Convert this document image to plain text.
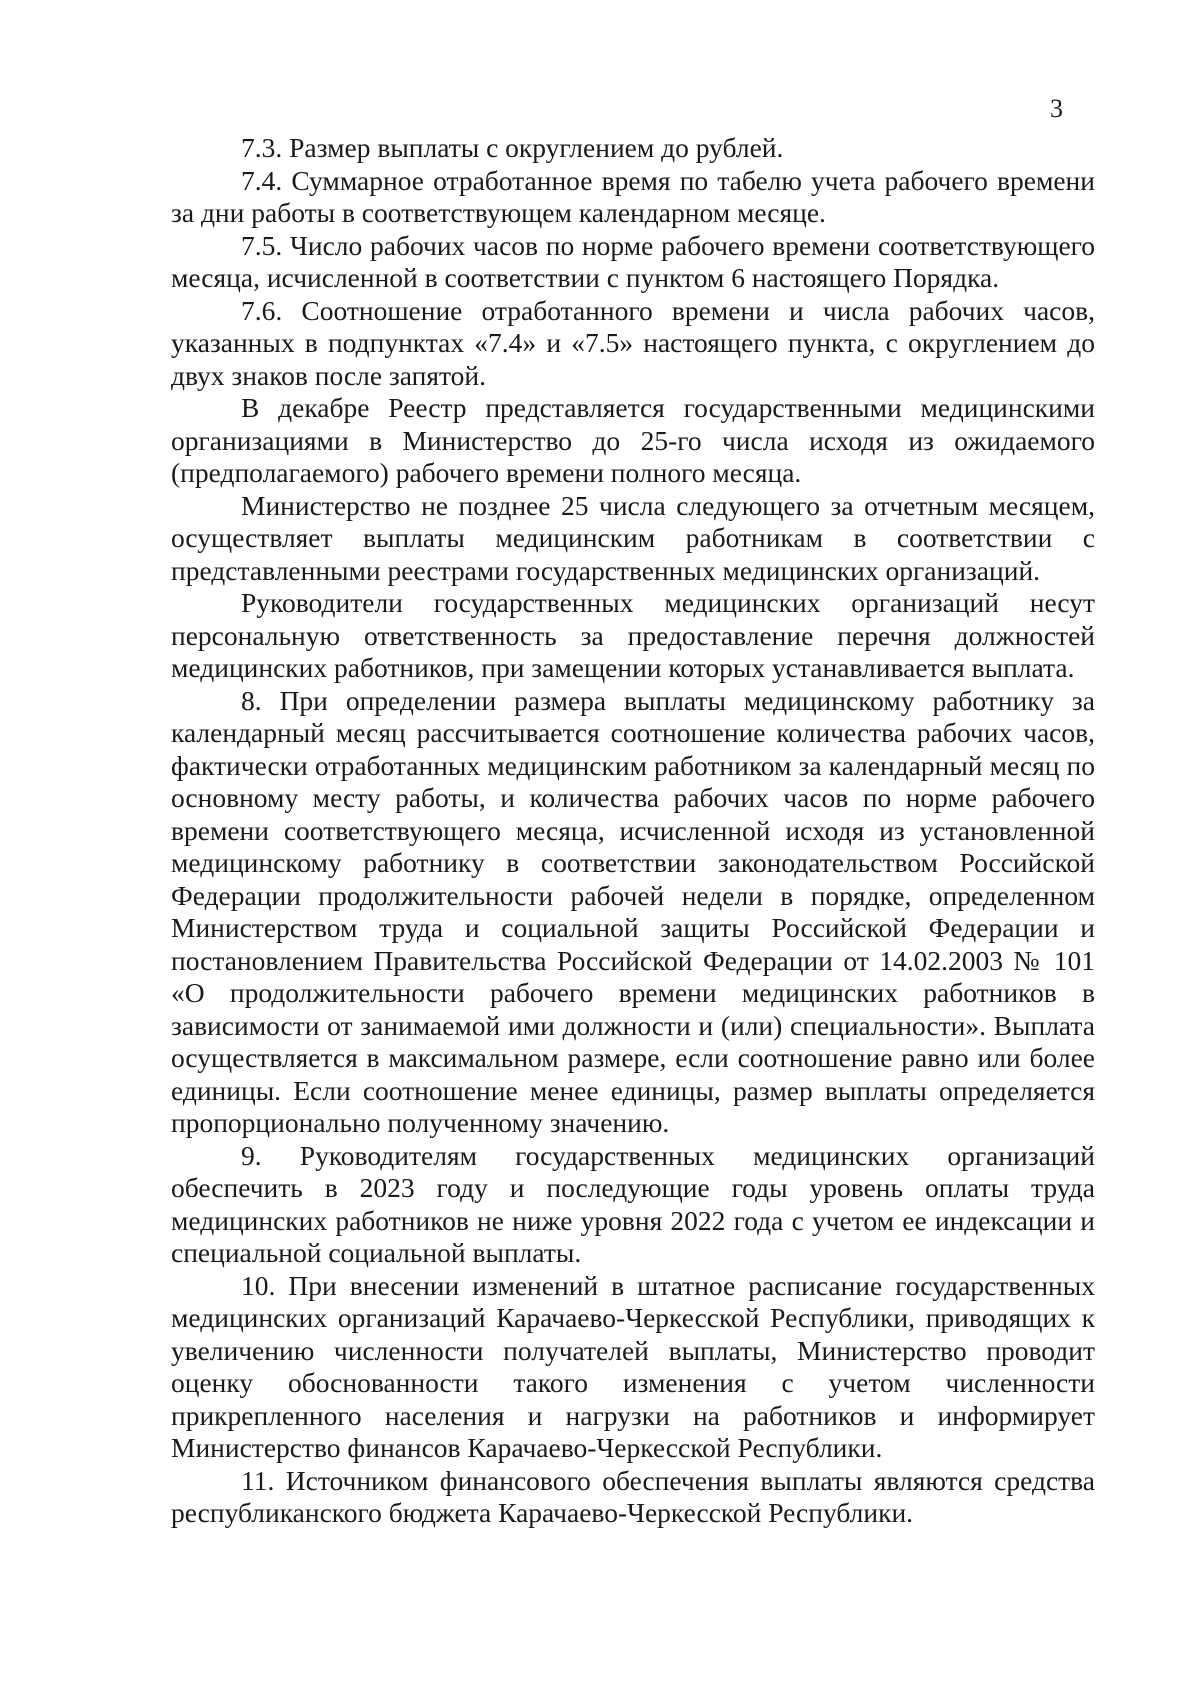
3

7.3. Размер выплаты с округлением до рублей.

7.4. Суммарное отработанное время по табелю учета рабочего времени за дни работы в соответствующем календарном месяце.

7.5. Число рабочих часов по норме рабочего времени соответствующего месяца, исчисленной в соответствии с пунктом 6 настоящего Порядка.

7.6. Соотношение отработанного времени и числа рабочих часов, указанных в подпунктах «7.4» и «7.5» настоящего пункта, с округлением до двух знаков после запятой.

В декабре Реестр представляется государственными медицинскими организациями в Министерство до 25-го числа исходя из ожидаемого (предполагаемого) рабочего времени полного месяца.

Министерство не позднее 25 числа следующего за отчетным месяцем, осуществляет выплаты медицинским работникам в соответствии с представленными реестрами государственных медицинских организаций.

Руководители государственных медицинских организаций несут персональную ответственность за предоставление перечня должностей медицинских работников, при замещении которых устанавливается выплата.

8. При определении размера выплаты медицинскому работнику за календарный месяц рассчитывается соотношение количества рабочих часов, фактически отработанных медицинским работником за календарный месяц по основному месту работы, и количества рабочих часов по норме рабочего времени соответствующего месяца, исчисленной исходя из установленной медицинскому работнику в соответствии законодательством Российской Федерации продолжительности рабочей недели в порядке, определенном Министерством труда и социальной защиты Российской Федерации и постановлением Правительства Российской Федерации от 14.02.2003 № 101 «О продолжительности рабочего времени медицинских работников в зависимости от занимаемой ими должности и (или) специальности». Выплата осуществляется в максимальном размере, если соотношение равно или более единицы. Если соотношение менее единицы, размер выплаты определяется пропорционально полученному значению.

9. Руководителям государственных медицинских организаций обеспечить в 2023 году и последующие годы уровень оплаты труда медицинских работников не ниже уровня 2022 года с учетом ее индексации и специальной социальной выплаты.

10. При внесении изменений в штатное расписание государственных медицинских организаций Карачаево-Черкесской Республики, приводящих к увеличению численности получателей выплаты, Министерство проводит оценку обоснованности такого изменения с учетом численности прикрепленного населения и нагрузки на работников и информирует Министерство финансов Карачаево-Черкесской Республики.

11. Источником финансового обеспечения выплаты являются средства республиканского бюджета Карачаево-Черкесской Республики.
